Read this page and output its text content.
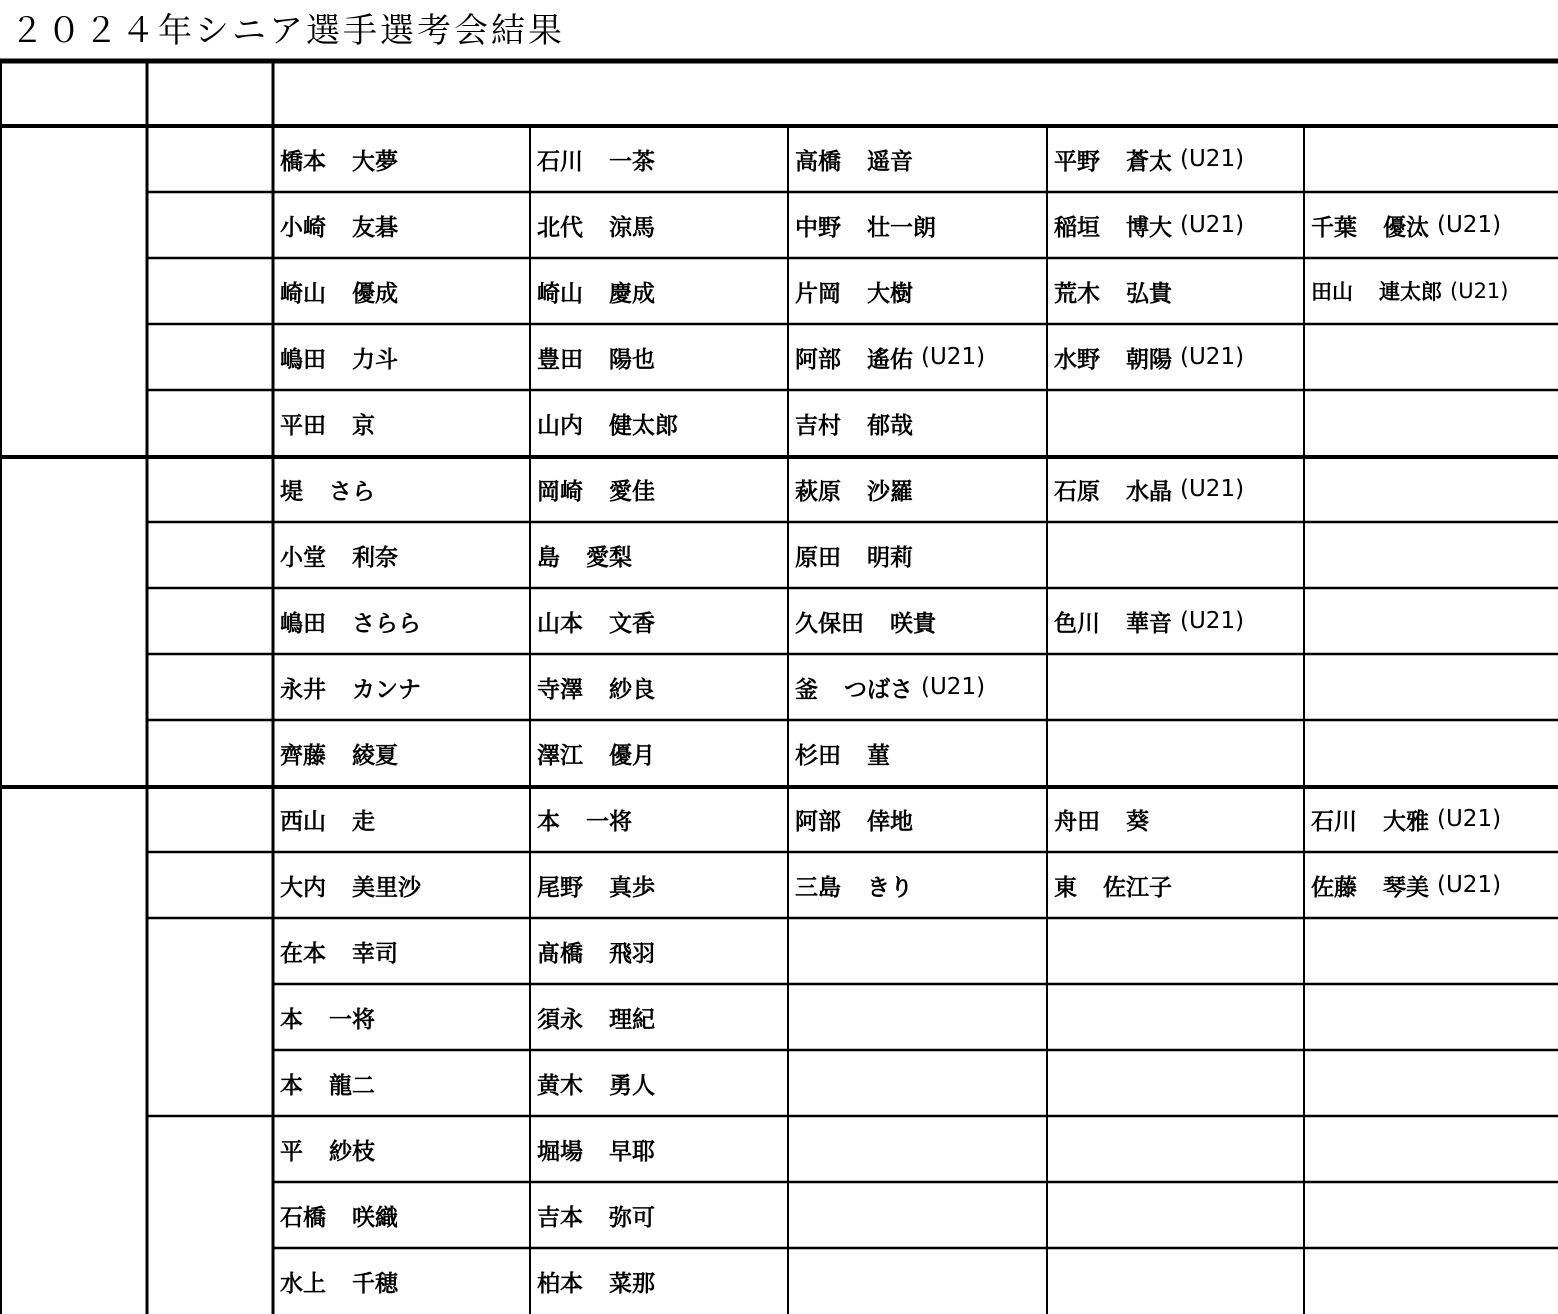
２０２４年シニア選手選考会結果
橋本 大夢	石川 一茶	高橋 遥音	平野 蒼太 (U21)
小崎 友碁	北代 涼馬	中野 壮一朗	稲垣 博大 (U21)	千葉 優汰 (U21)
崎山 優成	崎山 慶成	片岡 大樹	荒木 弘貴	田山 連太郎 (U21)
嶋田 力斗	豊田 陽也	阿部 遙佑 (U21)	水野 朝陽 (U21)
平田 京	山内 健太郎	吉村 郁哉
堤 さら	岡崎 愛佳	萩原 沙羅	石原 水晶 (U21)
小堂 利奈	島 愛梨	原田 明莉
嶋田 さらら	山本 文香	久保田 咲貴	色川 華音 (U21)
永井 カンナ	寺澤 紗良	釜 つばさ (U21)
齊藤 綾夏	澤江 優月	杉田 菫
西山 走	本 一将	阿部 倖地	舟田 葵	石川 大雅 (U21)
大内 美里沙	尾野 真歩	三島 きり	東 佐江子	佐藤 琴美 (U21)
在本 幸司	髙橋 飛羽
本 一将	須永 理紀
本 龍二	黄木 勇人
平 紗枝	堀場 早耶
石橋 咲織	吉本 弥可
水上 千穂	柏本 菜那
